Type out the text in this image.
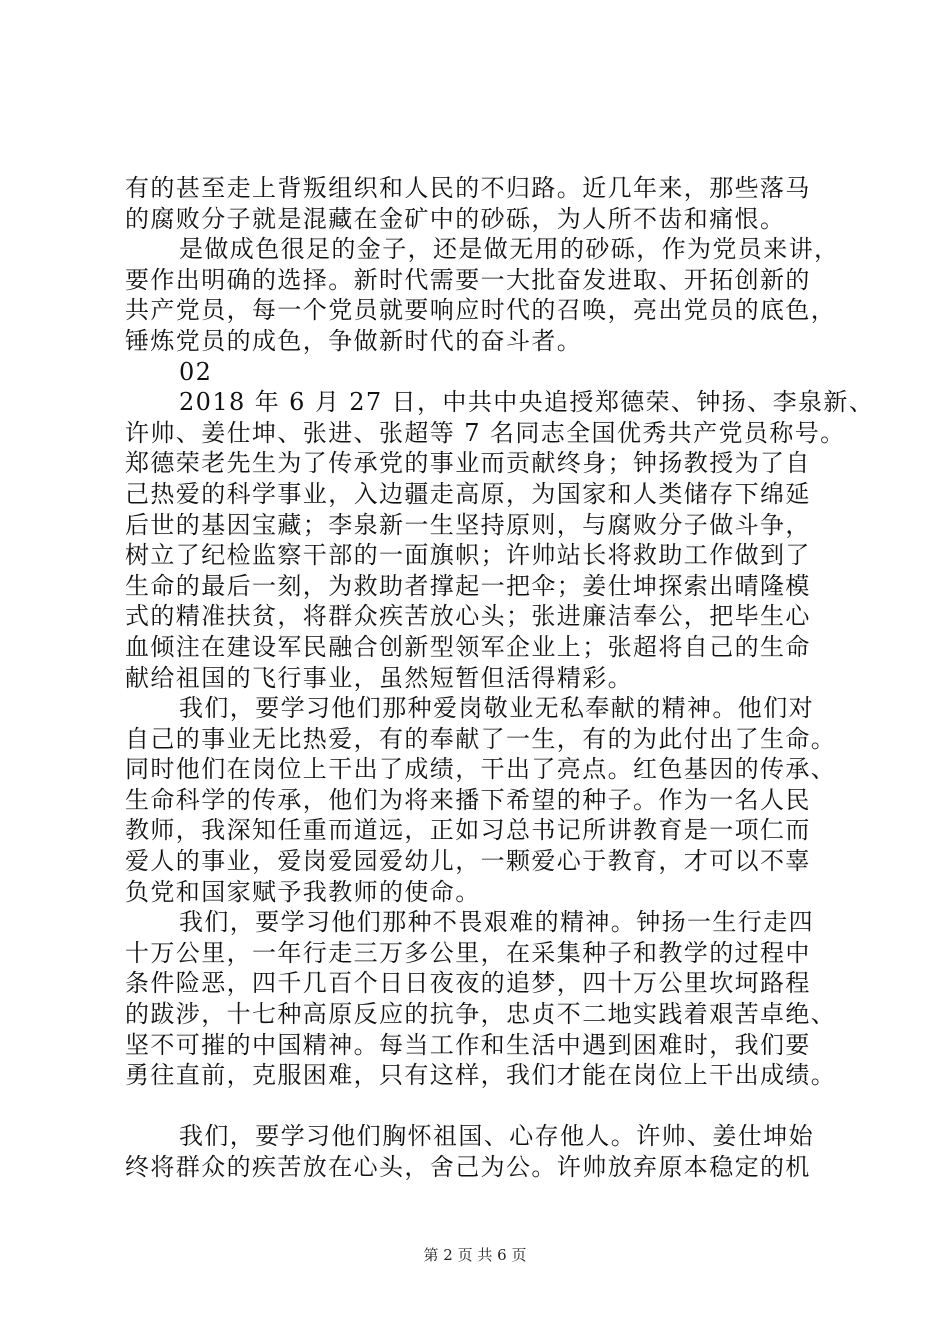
有的甚至走上背叛组织和人民的不归路。近几年来，那些落马
的腐败分子就是混藏在金矿中的砂砾，为人所不齿和痛恨。
是做成色很足的金子，还是做无用的砂砾，作为党员来讲，
要作出明确的选择。新时代需要一大批奋发进取、开拓创新的
共产党员，每一个党员就要响应时代的召唤，亮出党员的底色，
锤炼党员的成色，争做新时代的奋斗者。
02
2018 年 6 月 27 日，中共中央追授郑德荣、钟扬、李泉新、
许帅、姜仕坤、张进、张超等 7 名同志全国优秀共产党员称号。
郑德荣老先生为了传承党的事业而贡献终身；钟扬教授为了自
己热爱的科学事业，入边疆走高原，为国家和人类储存下绵延
后世的基因宝藏；李泉新一生坚持原则，与腐败分子做斗争，
树立了纪检监察干部的一面旗帜；许帅站长将救助工作做到了
生命的最后一刻，为救助者撑起一把伞；姜仕坤探索出晴隆模
式的精准扶贫，将群众疾苦放心头；张进廉洁奉公，把毕生心
血倾注在建设军民融合创新型领军企业上；张超将自己的生命
献给祖国的飞行事业，虽然短暂但活得精彩。
我们，要学习他们那种爱岗敬业无私奉献的精神。他们对
自己的事业无比热爱，有的奉献了一生，有的为此付出了生命。
同时他们在岗位上干出了成绩，干出了亮点。红色基因的传承、
生命科学的传承，他们为将来播下希望的种子。作为一名人民
教师，我深知任重而道远，正如习总书记所讲教育是一项仁而
爱人的事业，爱岗爱园爱幼儿，一颗爱心于教育，才可以不辜
负党和国家赋予我教师的使命。
我们，要学习他们那种不畏艰难的精神。钟扬一生行走四
十万公里，一年行走三万多公里，在采集种子和教学的过程中
条件险恶，四千几百个日日夜夜的追梦，四十万公里坎坷路程
的跋涉，十七种高原反应的抗争，忠贞不二地实践着艰苦卓绝、
坚不可摧的中国精神。每当工作和生活中遇到困难时，我们要
勇往直前，克服困难，只有这样，我们才能在岗位上干出成绩。
我们，要学习他们胸怀祖国、心存他人。许帅、姜仕坤始
终将群众的疾苦放在心头，舍己为公。许帅放弃原本稳定的机
第 2 页 共 6 页
